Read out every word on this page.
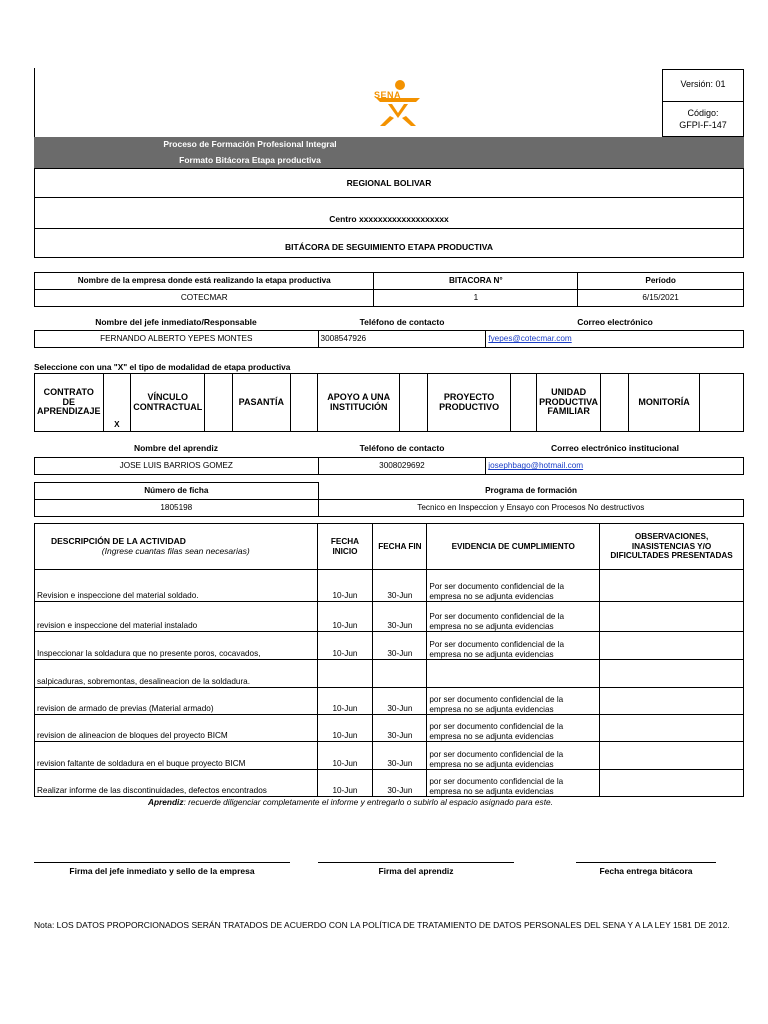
SENA
Versión: 01
Código:
GFPI-F-147
Proceso de Formación Profesional Integral
Formato Bitácora Etapa productiva
REGIONAL BOLIVAR
Centro xxxxxxxxxxxxxxxxxxx
BITÁCORA DE SEGUIMIENTO ETAPA PRODUCTIVA
Nombre de la empresa donde está realizando la etapa productiva	BITACORA N°	Período
COTECMAR	1	6/15/2021
Nombre del jefe inmediato/Responsable	Teléfono de contacto	Correo electrónico
FERNANDO ALBERTO YEPES MONTES	3008547926	fyepes@cotecmar.com
Seleccione con una "X" el tipo de modalidad de etapa productiva
CONTRATO DE APRENDIZAJE	X	VÍNCULO CONTRACTUAL		PASANTÍA		APOYO A UNA INSTITUCIÓN		PROYECTO PRODUCTIVO		UNIDAD PRODUCTIVA FAMILIAR		MONITORÍA	
Nombre del aprendiz	Teléfono de contacto	Correo electrónico institucional
JOSE LUIS BARRIOS GOMEZ	3008029692	josephbago@hotmail.com
Número de ficha	Programa de formación
1805198	Tecnico en Inspeccion y Ensayo con Procesos No destructivos
DESCRIPCIÓN DE LA ACTIVIDAD
(Ingrese cuantas filas sean necesarias)	FECHA INICIO	FECHA FIN	EVIDENCIA DE CUMPLIMIENTO	OBSERVACIONES, INASISTENCIAS Y/O DIFICULTADES PRESENTADAS
Revision e inspeccione del material soldado.	10-Jun	30-Jun	Por ser documento confidencial de la empresa no se adjunta evidencias	
revision e inspeccione del material instalado	10-Jun	30-Jun	Por ser documento confidencial de la empresa no se adjunta evidencias	
Inspeccionar la soldadura que no presente poros, cocavados,	10-Jun	30-Jun	Por ser documento confidencial de la empresa no se adjunta evidencias	
salpicaduras, sobremontas, desalineacion de la soldadura.				
revision de armado de previas (Material armado)	10-Jun	30-Jun	por ser documento confidencial de la empresa no se adjunta evidencias	
revision de alineacion de bloques del proyecto BICM	10-Jun	30-Jun	por ser documento confidencial de la empresa no se adjunta evidencias	
revision faltante de soldadura en el buque proyecto BICM	10-Jun	30-Jun	por ser documento confidencial de la empresa no se adjunta evidencias	
Realizar informe de las discontinuidades, defectos encontrados	10-Jun	30-Jun	por ser documento confidencial de la empresa no se adjunta evidencias	
Aprendiz: recuerde diligenciar completamente el informe y entregarlo o subirlo al espacio asignado para este.
Firma del jefe inmediato y sello de la empresa	Firma del aprendiz	Fecha entrega bitácora
Nota: LOS DATOS PROPORCIONADOS SERÁN TRATADOS DE ACUERDO CON LA POLÍTICA DE TRATAMIENTO DE DATOS PERSONALES DEL SENA Y A LA LEY 1581 DE 2012.
